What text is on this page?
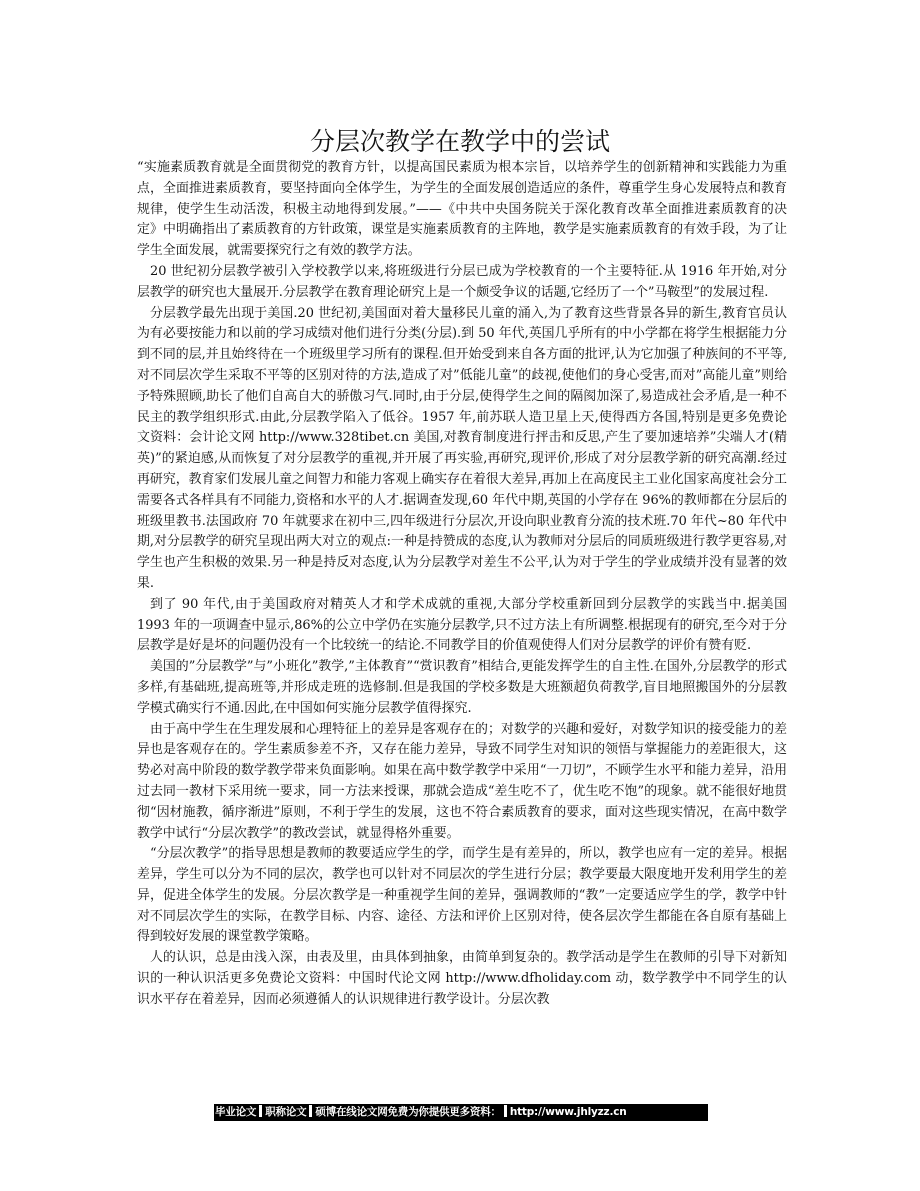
分层次教学在教学中的尝试

“实施素质教育就是全面贯彻党的教育方针，以提高国民素质为根本宗旨，以培养学生的创新精神和实践能力为重点，全面推进素质教育，要坚持面向全体学生，为学生的全面发展创造适应的条件，尊重学生身心发展特点和教育规律，使学生生动活泼，积极主动地得到发展。”——《中共中央国务院关于深化教育改革全面推进素质教育的决定》中明确指出了素质教育的方针政策，课堂是实施素质教育的主阵地，教学是实施素质教育的有效手段，为了让学生全面发展，就需要探究行之有效的教学方法。

20 世纪初分层教学被引入学校教学以来,将班级进行分层已成为学校教育的一个主要特征.从 1916 年开始,对分层教学的研究也大量展开.分层教学在教育理论研究上是一个颇受争议的话题,它经历了一个”马鞍型”的发展过程.

分层教学最先出现于美国.20 世纪初,美国面对着大量移民儿童的涌入,为了教育这些背景各异的新生,教育官员认为有必要按能力和以前的学习成绩对他们进行分类(分层).到 50 年代,英国几乎所有的中小学都在将学生根据能力分到不同的层,并且始终待在一个班级里学习所有的课程.但开始受到来自各方面的批评,认为它加强了种族间的不平等,对不同层次学生采取不平等的区别对待的方法,造成了对”低能儿童”的歧视,使他们的身心受害,而对”高能儿童”则给予特殊照顾,助长了他们自高自大的骄傲习气.同时,由于分层,使得学生之间的隔阂加深了,易造成社会矛盾,是一种不民主的教学组织形式.由此,分层教学陷入了低谷。1957 年,前苏联人造卫星上天,使得西方各国,特别是更多免费论文资料：会计论文网 http://www.328tibet.cn 美国,对教育制度进行抨击和反思,产生了要加速培养”尖端人才(精英)”的紧迫感,从而恢复了对分层教学的重视,并开展了再实验,再研究,现评价,形成了对分层教学新的研究高潮.经过再研究，教育家们发展儿童之间智力和能力客观上确实存在着很大差异,再加上在高度民主工业化国家高度社会分工需要各式各样具有不同能力,资格和水平的人才.据调查发现,60 年代中期,英国的小学存在 96%的教师都在分层后的班级里教书.法国政府 70 年就要求在初中三,四年级进行分层次,开设向职业教育分流的技术班.70 年代~80 年代中期,对分层教学的研究呈现出两大对立的观点:一种是持赞成的态度,认为教师对分层后的同质班级进行教学更容易,对学生也产生积极的效果.另一种是持反对态度,认为分层教学对差生不公平,认为对于学生的学业成绩并没有显著的效果.

到了 90 年代,由于美国政府对精英人才和学术成就的重视,大部分学校重新回到分层教学的实践当中.据美国 1993 年的一项调查中显示,86%的公立中学仍在实施分层教学,只不过方法上有所调整.根据现有的研究,至今对于分层教学是好是坏的问题仍没有一个比较统一的结论.不同教学目的价值观使得人们对分层教学的评价有赞有贬.

美国的”分层教学”与”小班化”教学,”主体教育”“赏识教育”相结合,更能发挥学生的自主性.在国外,分层教学的形式多样,有基础班,提高班等,并形成走班的选修制.但是我国的学校多数是大班额超负荷教学,盲目地照搬国外的分层教学模式确实行不通.因此,在中国如何实施分层教学值得探究.

由于高中学生在生理发展和心理特征上的差异是客观存在的；对数学的兴趣和爱好，对数学知识的接受能力的差异也是客观存在的。学生素质参差不齐，又存在能力差异，导致不同学生对知识的领悟与掌握能力的差距很大，这势必对高中阶段的数学教学带来负面影响。如果在高中数学教学中采用“一刀切”，不顾学生水平和能力差异，沿用过去同一教材下采用统一要求，同一方法来授课，那就会造成“差生吃不了，优生吃不饱”的现象。就不能很好地贯彻“因材施教，循序渐进”原则，不利于学生的发展，这也不符合素质教育的要求，面对这些现实情况，在高中数学教学中试行“分层次教学”的教改尝试，就显得格外重要。

“分层次教学”的指导思想是教师的教要适应学生的学，而学生是有差异的，所以，教学也应有一定的差异。根据差异，学生可以分为不同的层次，教学也可以针对不同层次的学生进行分层；教学要最大限度地开发利用学生的差异，促进全体学生的发展。分层次教学是一种重视学生间的差异，强调教师的“教”一定要适应学生的学，教学中针对不同层次学生的实际，在教学目标、内容、途径、方法和评价上区别对待，使各层次学生都能在各自原有基础上得到较好发展的课堂教学策略。

人的认识，总是由浅入深，由表及里，由具体到抽象，由简单到复杂的。教学活动是学生在教师的引导下对新知识的一种认识活更多免费论文资料：中国时代论文网 http://www.dfholiday.com 动，数学教学中不同学生的认识水平存在着差异，因而必须遵循人的认识规律进行教学设计。分层次教

毕业论文 职称论文 硕博在线论文网免费为你提供更多资料： http://www.jhlyzz.cn
